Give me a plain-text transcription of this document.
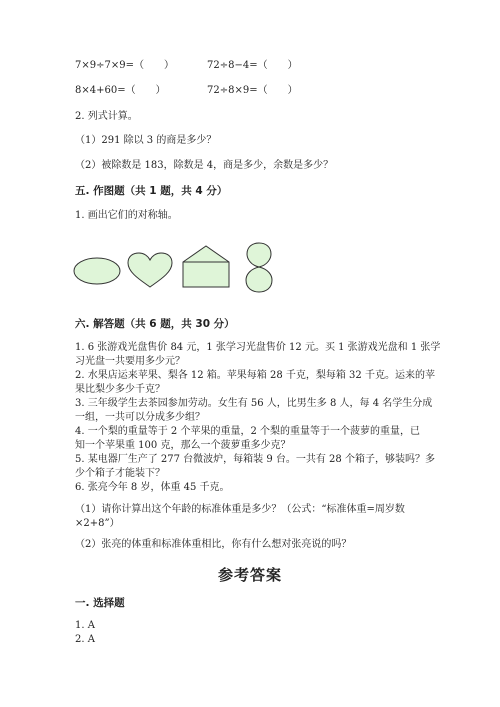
7×9÷7×9=（　　）	72÷8−4=（　　）
8×4+60=（　　）	72÷8×9=（　　）
2. 列式计算。
（1）291 除以 3 的商是多少？
（2）被除数是 183，除数是 4，商是多少，余数是多少？
五. 作图题（共 1 题，共 4 分）
1. 画出它们的对称轴。
六. 解答题（共 6 题，共 30 分）
1. 6 张游戏光盘售价 84 元，1 张学习光盘售价 12 元。买 1 张游戏光盘和 1 张学
习光盘一共要用多少元？
2. 水果店运来苹果、梨各 12 箱。苹果每箱 28 千克，梨每箱 32 千克。运来的苹
果比梨少多少千克？
3. 三年级学生去茶园参加劳动。女生有 56 人，比男生多 8 人，每 4 名学生分成
一组，一共可以分成多少组？
4. 一个梨的重量等于 2 个苹果的重量，2 个梨的重量等于一个菠萝的重量，已
知一个苹果重 100 克，那么一个菠萝重多少克？
5. 某电器厂生产了 277 台微波炉，每箱装 9 台。一共有 28 个箱子，够装吗？多
少个箱子才能装下？
6. 张亮今年 8 岁，体重 45 千克。
（1）请你计算出这个年龄的标准体重是多少？（公式：“标准体重=周岁数
×2+8”）
（2）张亮的体重和标准体重相比，你有什么想对张亮说的吗？
参考答案
一. 选择题
1. A
2. A
